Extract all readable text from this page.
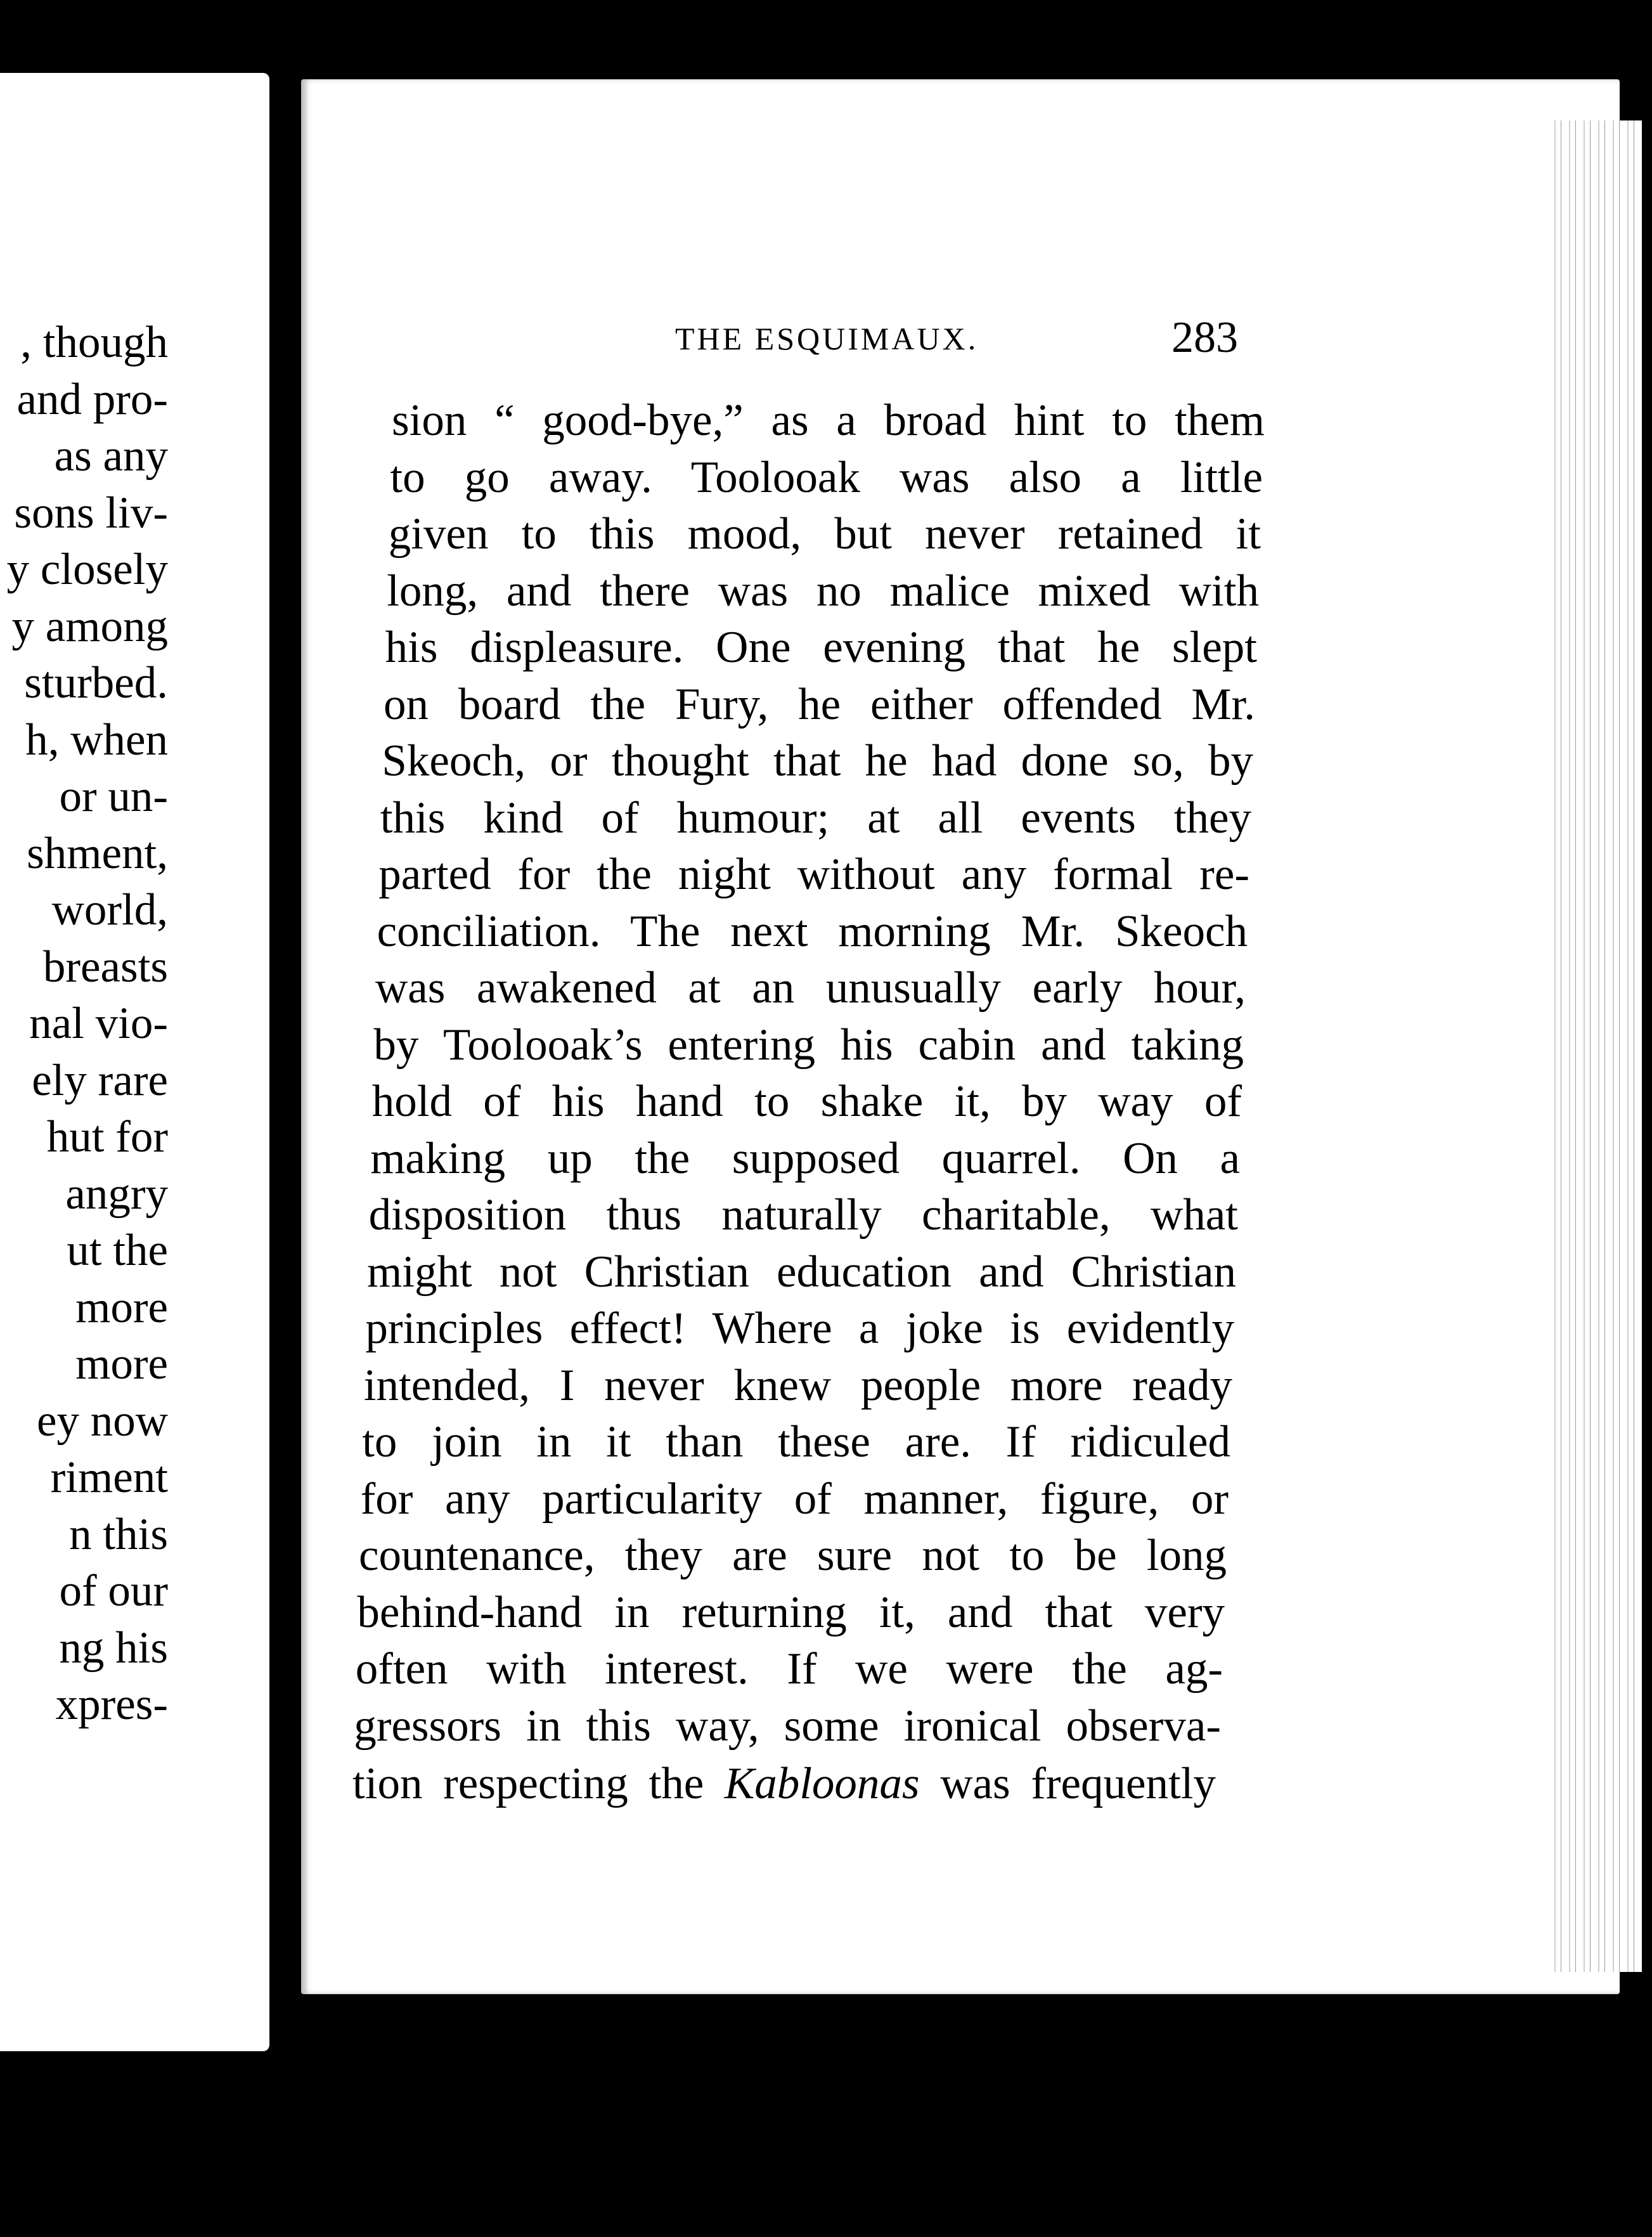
, though
and pro-
as any
sons liv-
y closely
y among
sturbed.
h, when
or un-
shment,
world,
breasts
nal vio-
ely rare
hut for
angry
ut the
more
more
ey now
riment
n this
of our
ng his
xpres-
THE ESQUIMAUX.	283
sion “ good-bye,” as a broad hint to them
to go away. Toolooak was also a little
given to this mood, but never retained it
long, and there was no malice mixed with
his displeasure. One evening that he slept
on board the Fury, he either offended Mr.
Skeoch, or thought that he had done so, by
this kind of humour; at all events they
parted for the night without any formal re-
conciliation. The next morning Mr. Skeoch
was awakened at an unusually early hour,
by Toolooak’s entering his cabin and taking
hold of his hand to shake it, by way of
making up the supposed quarrel. On a
disposition thus naturally charitable, what
might not Christian education and Christian
principles effect! Where a joke is evidently
intended, I never knew people more ready
to join in it than these are. If ridiculed
for any particularity of manner, figure, or
countenance, they are sure not to be long
behind-hand in returning it, and that very
often with interest. If we were the ag-
gressors in this way, some ironical observa-
tion respecting the Kabloonas was frequently
